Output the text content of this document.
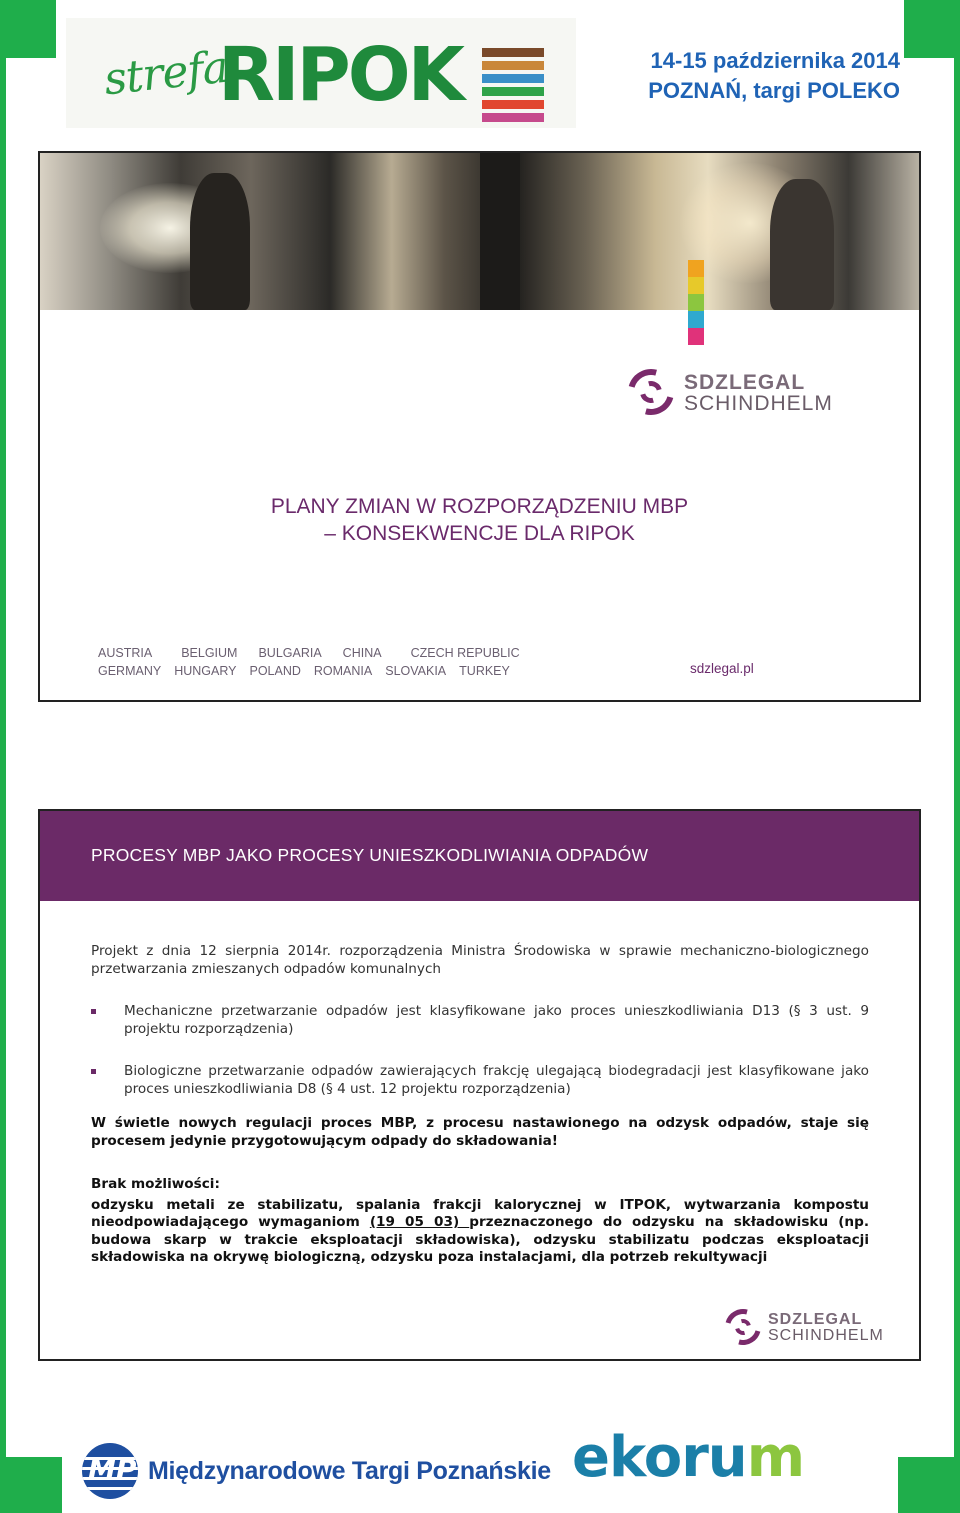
strefa
RIPOK	14-15 października 2014
POZNAŃ, targi POLEKO
SDZLEGAL
SCHINDHELM
PLANY ZMIAN W ROZPORZĄDZENIU MBP
– KONSEKWENCJE DLA RIPOK
AUSTRIA BELGIUM BULGARIA CHINA CZECH REPUBLIC
GERMANY HUNGARY POLAND ROMANIA SLOVAKIA TURKEY	sdzlegal.pl
PROCESY MBP JAKO PROCESY UNIESZKODLIWIANIA ODPADÓW

Projekt z dnia 12 sierpnia 2014r. rozporządzenia Ministra Środowiska w sprawie mechaniczno-biologicznego przetwarzania zmieszanych odpadów komunalnych

Mechaniczne przetwarzanie odpadów jest klasyfikowane jako proces unieszkodliwiania D13 (§ 3 ust. 9 projektu rozporządzenia)
Biologiczne przetwarzanie odpadów zawierających frakcję ulegającą biodegradacji jest klasyfikowane jako proces unieszkodliwiania D8 (§ 4 ust. 12 projektu rozporządzenia)

W świetle nowych regulacji proces MBP, z procesu nastawionego na odzysk odpadów, staje się procesem jedynie przygotowującym odpady do składowania!

Brak możliwości:

odzysku metali ze stabilizatu, spalania frakcji kalorycznej w ITPOK, wytwarzania kompostu nieodpowiadającego wymaganiom (19 05 03) przeznaczonego do odzysku na składowisku (np. budowa skarp w trakcie eksploatacji składowiska), odzysku stabilizatu podczas eksploatacji składowiska na okrywę biologiczną, odzysku poza instalacjami, dla potrzeb rekultywacji

SDZLEGAL
SCHINDHELM
MP Międzynarodowe Targi Poznańskie ekorum
